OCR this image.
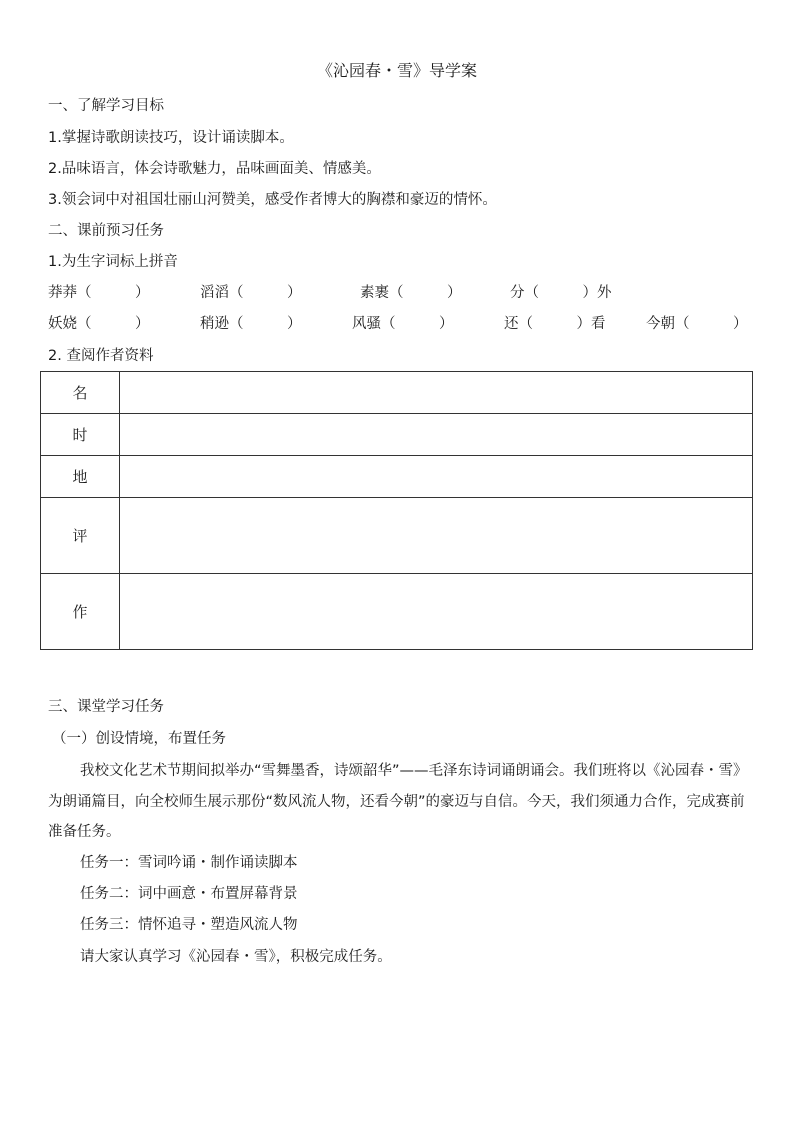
《沁园春・雪》导学案
一、了解学习目标
1.掌握诗歌朗读技巧，设计诵读脚本。
2.品味语言，体会诗歌魅力，品味画面美、情感美。
3.领会词中对祖国壮丽山河赞美，感受作者博大的胸襟和豪迈的情怀。
二、课前预习任务
1.为生字词标上拼音
莽莽（　　　）	滔滔（　　　）	素裹（　　　）	分（　　　）外
妖娆（　　　）	稍逊（　　　）	风骚（　　　）	还（　　　）看	今朝（　　　）
2. 查阅作者资料
名	
时	
地	
评	
作	
三、课堂学习任务
（一）创设情境，布置任务
我校文化艺术节期间拟举办“雪舞墨香，诗颂韶华”——毛泽东诗词诵朗诵会。我们班将以《沁园春・雪》为朗诵篇目，向全校师生展示那份“数风流人物，还看今朝”的豪迈与自信。今天，我们须通力合作，完成赛前准备任务。
任务一：雪词吟诵・制作诵读脚本
任务二：词中画意・布置屏幕背景
任务三：情怀追寻・塑造风流人物
请大家认真学习《沁园春・雪》，积极完成任务。
